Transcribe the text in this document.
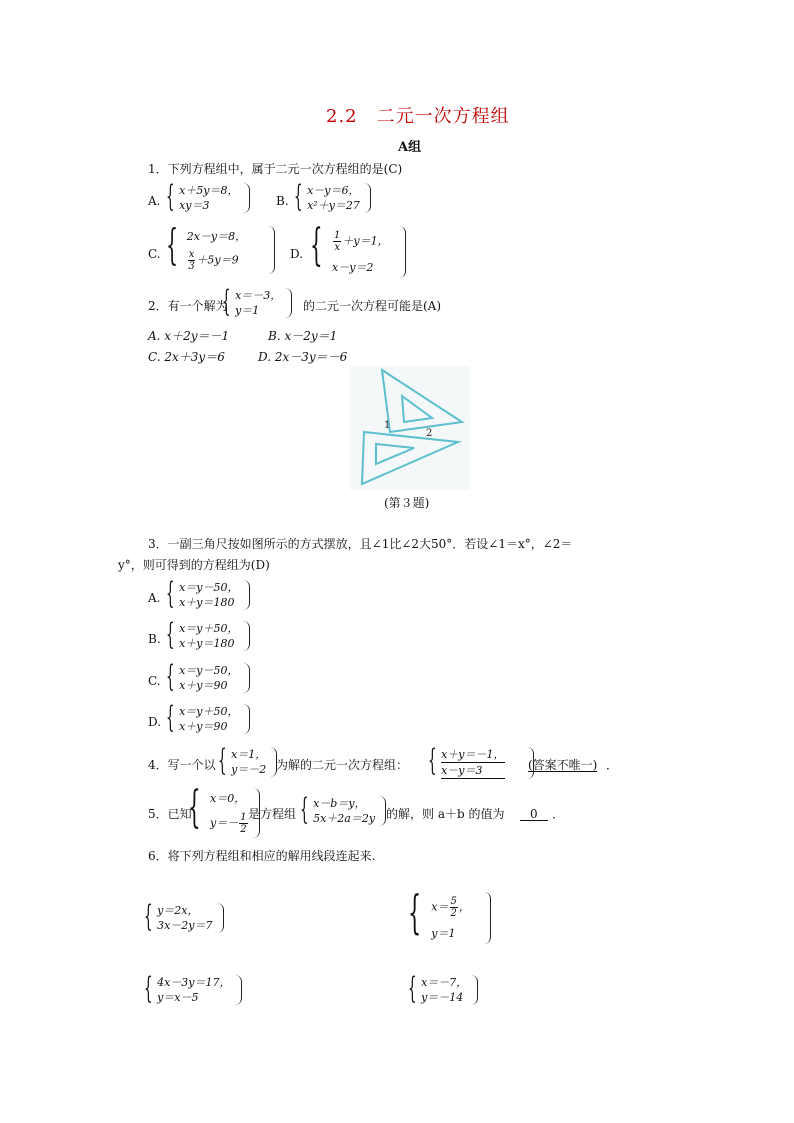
2.2　二元一次方程组
A组
1．下列方程组中，属于二元一次方程组的是(C)
A. { x＋5y＝8，
xy＝3	B. { x－y＝6，
x²＋y＝27
C. { 2x－y＝8，
$\frac{x}{3} +5y=9$	D. { $\frac{1}{x} +y=1$，
x－y＝2
2．有一个解为
{ x＝－3，
y＝1	的二元一次方程可能是(A)
A. x＋2y＝－1	B. x－2y＝1
C. 2x＋3y＝6	D. 2x－3y＝－6
1
2
(第３题)
3．一副三角尺按如图所示的方式摆放，且∠1比∠2大50°．若设∠1＝x°，∠2＝
y°，则可得到的方程组为(D)
A. { x＝y－50，
x＋y＝180
B. { x＝y＋50，
x＋y＝180
C. { x＝y－50，
x＋y＝90
D. { x＝y＋50，
x＋y＝90
4．写一个以 { x＝1，
y＝－2 为解的二元一次方程组： { x＋y＝－1，
x－y＝3	(答案不唯一) ．
5．已知
{ x＝0，
$y=- \frac{1}{2}$ 是方程组 { x－b＝y，
5x＋2a＝2y 的解，则 a＋b 的值为	0	．
6．将下列方程组和相应的解用线段连起来.
{ y＝2x，
3x－2y＝7	{ $x= \frac{5}{2}$ ，
y＝1
{ 4x－3y＝17，
y＝x－5	{ x＝－7，
y＝－14
